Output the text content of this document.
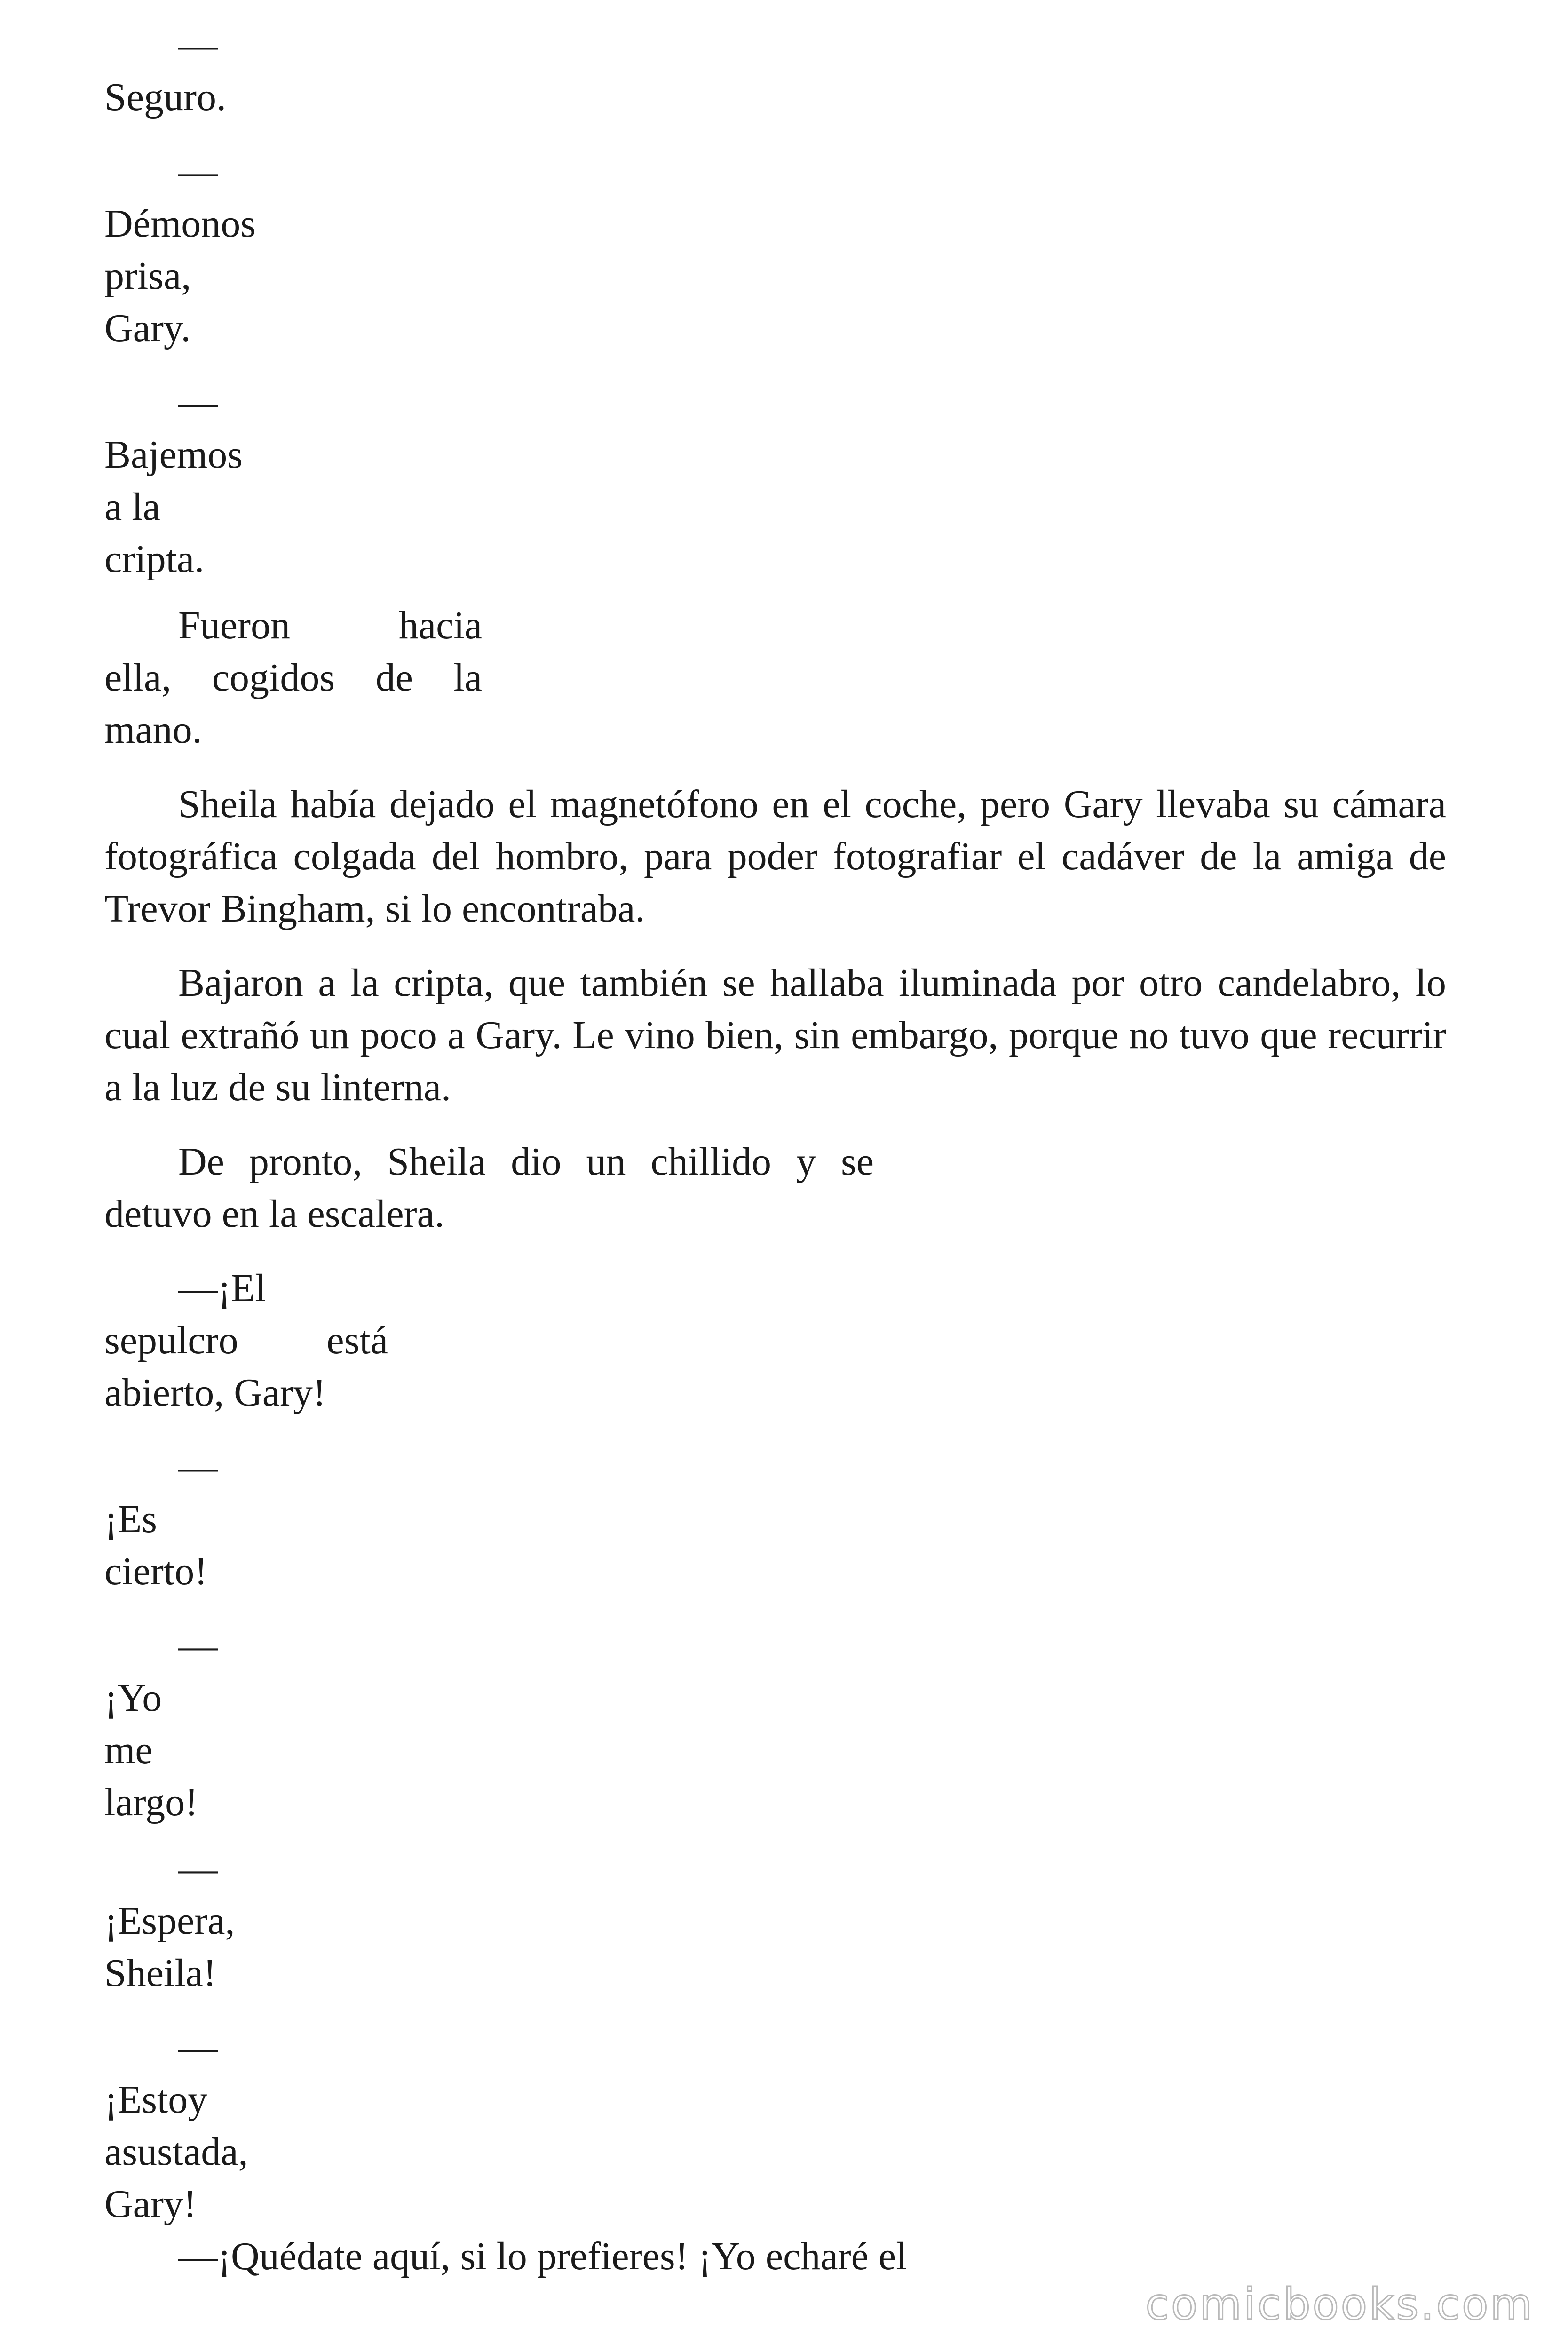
—
Seguro.
—
Démonos
prisa,
Gary.
—
Bajemos
a la
cripta.
Fueron	hacia
ella, cogidos de la
mano.
Sheila había dejado el magnetófono en el coche, pero Gary llevaba su cámara fotográfica colgada del hombro, para poder fotografiar el cadáver de la amiga de Trevor Bingham, si lo encontraba.
Bajaron a la cripta, que también se hallaba iluminada por otro candelabro, lo cual extrañó un poco a Gary. Le vino bien, sin embargo, porque no tuvo que recurrir a la luz de su linterna.
De pronto, Sheila dio un chillido y se
detuvo en la escalera.
—¡El
sepulcro está
abierto, Gary!
—
¡Es
cierto!
—
¡Yo
me
largo!
—
¡Espera,
Sheila!
—
¡Estoy
asustada,
Gary!
—¡Quédate aquí, si lo prefieres! ¡Yo echaré el
comicbooks.com
